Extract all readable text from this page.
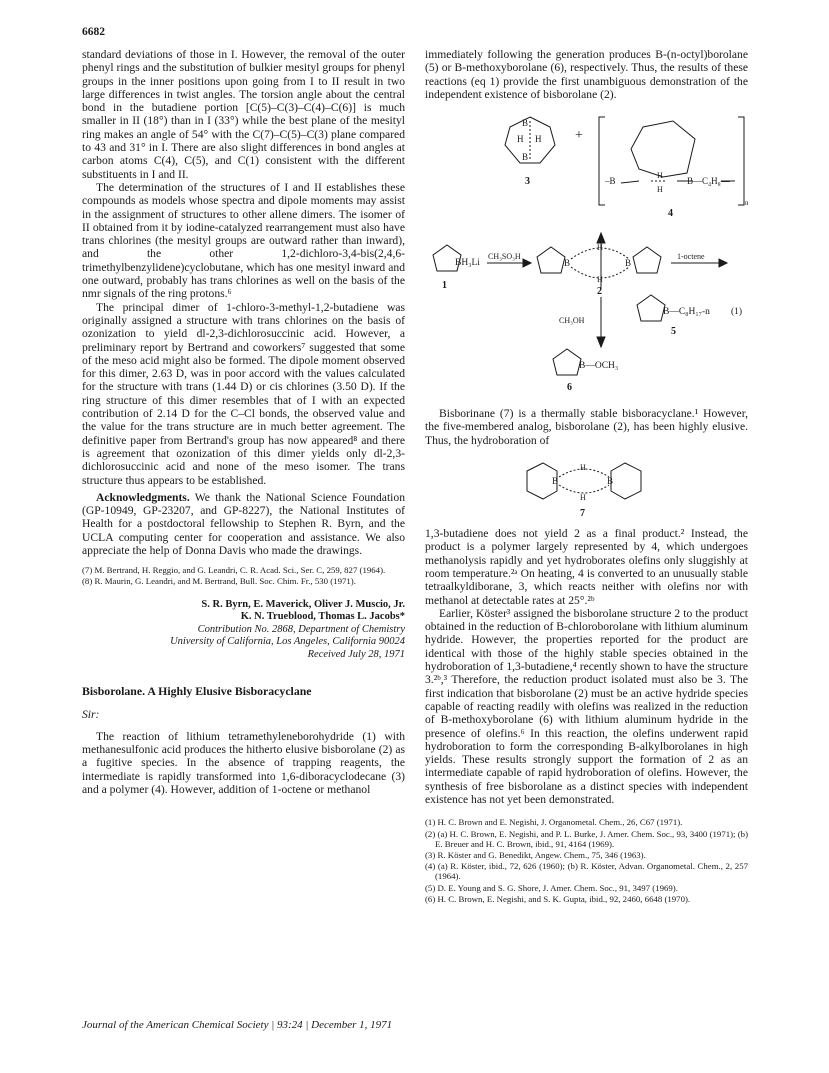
6682

standard deviations of those in I. However, the removal of the outer phenyl rings and the substitution of bulkier mesityl groups for phenyl groups in the inner positions upon going from I to II result in two large differences in twist angles. The torsion angle about the central bond in the butadiene portion [C(5)–C(3)–C(4)–C(6)] is much smaller in II (18°) than in I (33°) while the best plane of the mesityl ring makes an angle of 54° with the C(7)–C(5)–C(3) plane compared to 43 and 31° in I. There are also slight differences in bond angles at carbon atoms C(4), C(5), and C(1) consistent with the different substituents in I and II.

The determination of the structures of I and II establishes these compounds as models whose spectra and dipole moments may assist in the assignment of structures to other allene dimers. The isomer of II obtained from it by iodine-catalyzed rearrangement must also have trans chlorines (the mesityl groups are outward rather than inward), and the other 1,2-dichloro-3,4-bis(2,4,6-trimethylbenzylidene)cyclobutane, which has one mesityl inward and one outward, probably has trans chlorines as well on the basis of the nmr signals of the ring protons.⁶

The principal dimer of 1-chloro-3-methyl-1,2-butadiene was originally assigned a structure with trans chlorines on the basis of ozonization to yield dl-2,3-dichlorosuccinic acid. However, a preliminary report by Bertrand and coworkers⁷ suggested that some of the meso acid might also be formed. The dipole moment observed for this dimer, 2.63 D, was in poor accord with the values calculated for the structure with trans (1.44 D) or cis chlorines (3.50 D). If the ring structure of this dimer resembles that of I with an expected contribution of 2.14 D for the C–Cl bonds, the observed value and the value for the trans structure are in much better agreement. The definitive paper from Bertrand's group has now appeared⁸ and there is agreement that ozonization of this dimer yields only dl-2,3-dichlorosuccinic acid and none of the meso isomer. The trans structure thus appears to be established.

Acknowledgments. We thank the National Science Foundation (GP-10949, GP-23207, and GP-8227), the National Institutes of Health for a postdoctoral fellowship to Stephen R. Byrn, and the UCLA computing center for cooperation and assistance. We also appreciate the help of Donna Davis who made the drawings.

(7) M. Bertrand, H. Reggio, and G. Leandri, C. R. Acad. Sci., Ser. C, 259, 827 (1964).

(8) R. Maurin, G. Leandri, and M. Bertrand, Bull. Soc. Chim. Fr., 530 (1971).

S. R. Byrn, E. Maverick, Oliver J. Muscio, Jr.
K. N. Trueblood, Thomas L. Jacobs*
Contribution No. 2868, Department of Chemistry
University of California, Los Angeles, California 90024
Received July 28, 1971
Bisborolane. A Highly Elusive Bisboracyclane
Sir:

The reaction of lithium tetramethyleneborohydride (1) with methanesulfonic acid produces the hitherto elusive bisborolane (2) as a fugitive species. In the absence of trapping reagents, the intermediate is rapidly transformed into 1,6-diboracyclodecane (3) and a polymer (4). However, addition of 1-octene or methanol

immediately following the generation produces B-(n-octyl)borolane (5) or B-methoxyborolane (6), respectively. Thus, the results of these reactions (eq 1) provide the first unambiguous demonstration of the independent existence of bisborolane (2).

B
B
H H
3
+
–B
H
H
B—C₄H₈—
n
4
BH₃Li
1
CH₃SO₃H
B	B
H
H
2
1-octene
B—C₈H₁₇-n (1)
5
CH₃OH
B—OCH₃
6

Bisborinane (7) is a thermally stable bisboracyclane.¹ However, the five-membered analog, bisborolane (2), has been highly elusive. Thus, the hydroboration of

B	B
H
H
7

1,3-butadiene does not yield 2 as a final product.² Instead, the product is a polymer largely represented by 4, which undergoes methanolysis rapidly and yet hydroborates olefins only sluggishly at room temperature.²ᵃ On heating, 4 is converted to an unusually stable tetraalkyldiborane, 3, which reacts neither with olefins nor with methanol at detectable rates at 25°.²ᵇ

Earlier, Köster³ assigned the bisborolane structure 2 to the product obtained in the reduction of B-chloroborolane with lithium aluminum hydride. However, the properties reported for the product are identical with those of the highly stable species obtained in the hydroboration of 1,3-butadiene,⁴ recently shown to have the structure 3.²ᵇ,³ Therefore, the reduction product isolated must also be 3. The first indication that bisborolane (2) must be an active hydride species capable of reacting readily with olefins was realized in the reduction of B-methoxyborolane (6) with lithium aluminum hydride in the presence of olefins.⁶ In this reaction, the olefins underwent rapid hydroboration to form the corresponding B-alkylborolanes in high yields. These results strongly support the formation of 2 as an intermediate capable of rapid hydroboration of olefins. However, the synthesis of free bisborolane as a distinct species with independent existence has not yet been demonstrated.

(1) H. C. Brown and E. Negishi, J. Organometal. Chem., 26, C67 (1971).

(2) (a) H. C. Brown, E. Negishi, and P. L. Burke, J. Amer. Chem. Soc., 93, 3400 (1971); (b) E. Breuer and H. C. Brown, ibid., 91, 4164 (1969).

(3) R. Köster and G. Benedikt, Angew. Chem., 75, 346 (1963).

(4) (a) R. Köster, ibid., 72, 626 (1960); (b) R. Köster, Advan. Organometal. Chem., 2, 257 (1964).

(5) D. E. Young and S. G. Shore, J. Amer. Chem. Soc., 91, 3497 (1969).

(6) H. C. Brown, E. Negishi, and S. K. Gupta, ibid., 92, 2460, 6648 (1970).

Journal of the American Chemical Society | 93:24 | December 1, 1971
